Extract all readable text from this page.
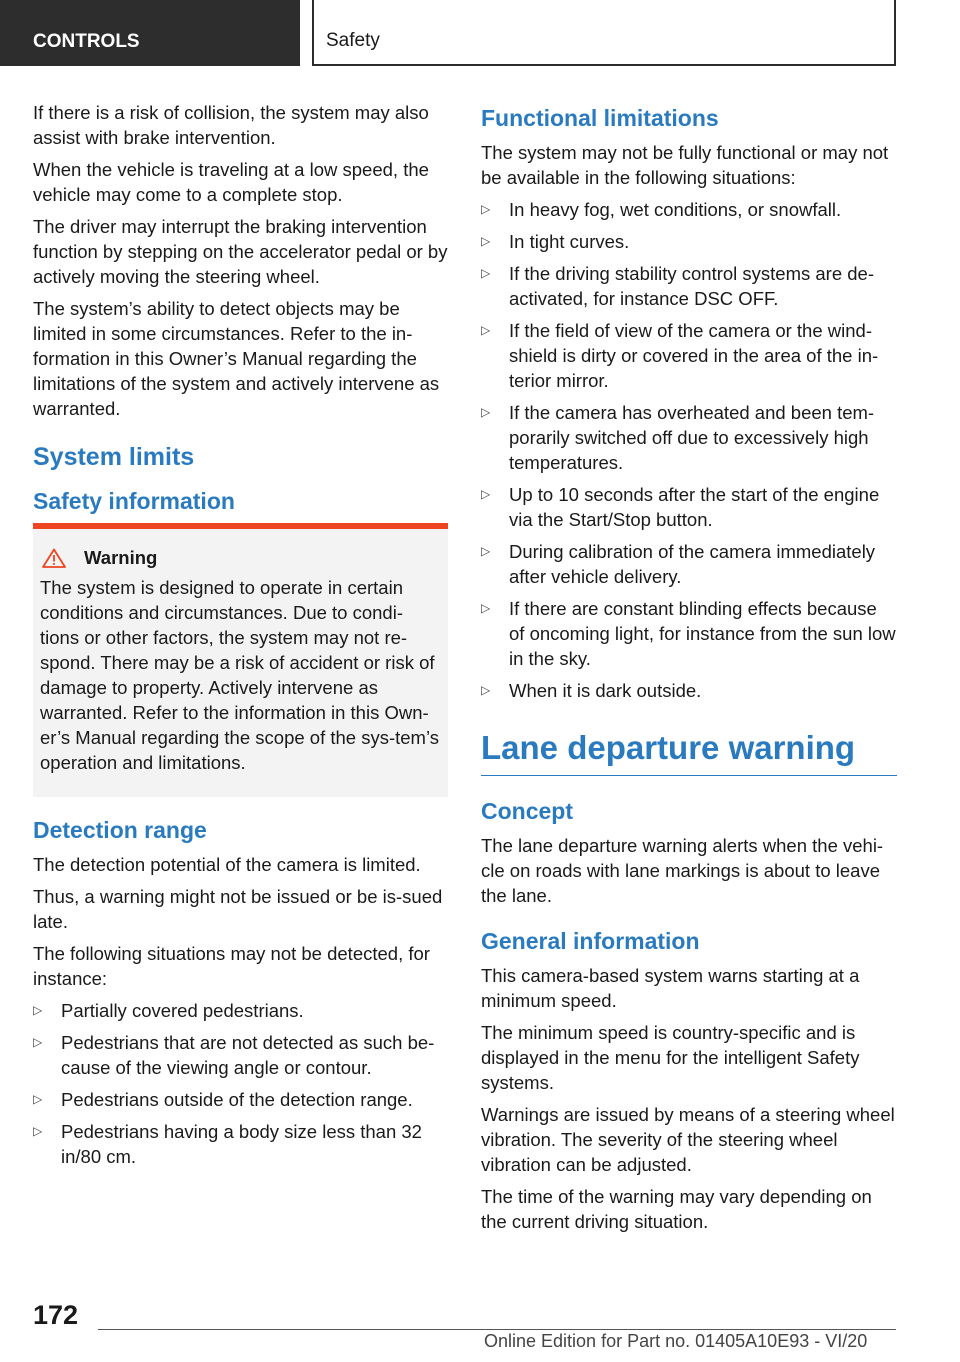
CONTROLS	Safety

If there is a risk of collision, the system may also assist with brake intervention.

When the vehicle is traveling at a low speed, the vehicle may come to a complete stop.

The driver may interrupt the braking intervention function by stepping on the accelerator pedal or by actively moving the steering wheel.

The system’s ability to detect objects may be limited in some circumstances. Refer to the in‐formation in this Owner’s Manual regarding the limitations of the system and actively intervene as warranted.

System limits
Safety information
Warning

The system is designed to operate in certain conditions and circumstances. Due to condi‐tions or other factors, the system may not re‐spond. There may be a risk of accident or risk of damage to property. Actively intervene as warranted. Refer to the information in this Own‐er’s Manual regarding the scope of the sys‐tem’s operation and limitations.

Detection range

The detection potential of the camera is limited.

Thus, a warning might not be issued or be is‐sued late.

The following situations may not be detected, for instance:

▷ Partially covered pedestrians.
▷ Pedestrians that are not detected as such be‐cause of the viewing angle or contour.
▷ Pedestrians outside of the detection range.
▷ Pedestrians having a body size less than 32 in/80 cm.
Functional limitations

The system may not be fully functional or may not be available in the following situations:

▷ In heavy fog, wet conditions, or snowfall.
▷ In tight curves.
▷ If the driving stability control systems are de‐activated, for instance DSC OFF.
▷ If the field of view of the camera or the wind‐shield is dirty or covered in the area of the in‐terior mirror.
▷ If the camera has overheated and been tem‐porarily switched off due to excessively high temperatures.
▷ Up to 10 seconds after the start of the engine via the Start/Stop button.
▷ During calibration of the camera immediately after vehicle delivery.
▷ If there are constant blinding effects because of oncoming light, for instance from the sun low in the sky.
▷ When it is dark outside.
Lane departure warning
Concept

The lane departure warning alerts when the vehi‐cle on roads with lane markings is about to leave the lane.

General information

This camera-based system warns starting at a minimum speed.

The minimum speed is country-specific and is displayed in the menu for the intelligent Safety systems.

Warnings are issued by means of a steering wheel vibration. The severity of the steering wheel vibration can be adjusted.

The time of the warning may vary depending on the current driving situation.

172
Online Edition for Part no. 01405A10E93 - VI/20
